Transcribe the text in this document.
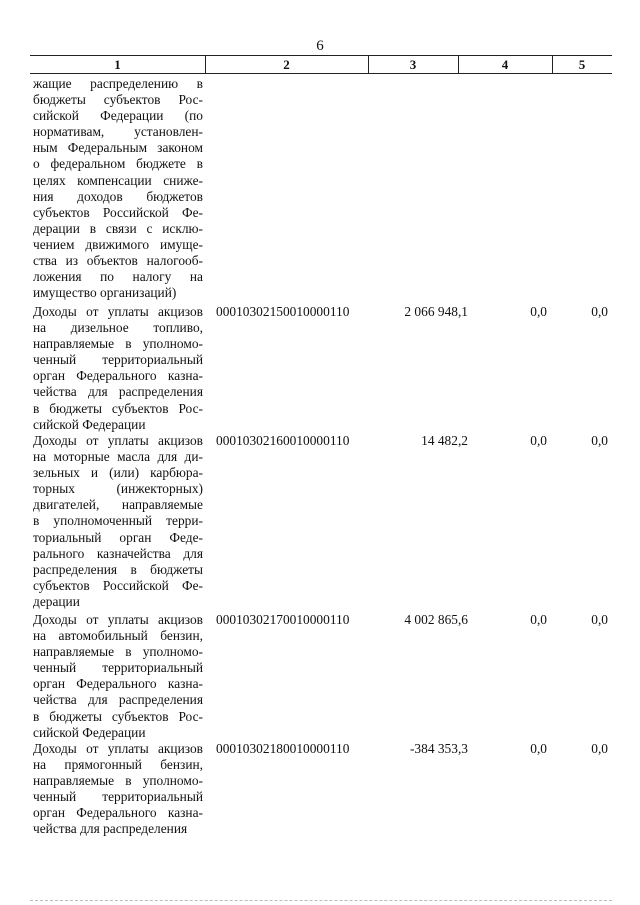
6
1	2	3	4	5
жащие распределению в
бюджеты субъектов Рос-
сийской Федерации (по
нормативам, установлен-
ным Федеральным законом
о федеральном бюджете в
целях компенсации сниже-
ния доходов бюджетов
субъектов Российской Фе-
дерации в связи с исклю-
чением движимого имуще-
ства из объектов налогооб-
ложения по налогу на
имущество организаций)
Доходы от уплаты акцизов
на дизельное топливо,
направляемые в уполномо-
ченный территориальный
орган Федерального казна-
чейства для распределения
в бюджеты субъектов Рос-
сийской Федерации
00010302150010000110	2 066 948,1	0,0	0,0
Доходы от уплаты акцизов
на моторные масла для ди-
зельных и (или) карбюра-
торных (инжекторных)
двигателей, направляемые
в уполномоченный терри-
ториальный орган Феде-
рального казначейства для
распределения в бюджеты
субъектов Российской Фе-
дерации
00010302160010000110	14 482,2	0,0	0,0
Доходы от уплаты акцизов
на автомобильный бензин,
направляемые в уполномо-
ченный территориальный
орган Федерального казна-
чейства для распределения
в бюджеты субъектов Рос-
сийской Федерации
00010302170010000110	4 002 865,6	0,0	0,0
Доходы от уплаты акцизов
на прямогонный бензин,
направляемые в уполномо-
ченный территориальный
орган Федерального казна-
чейства для распределения
00010302180010000110	-384 353,3	0,0	0,0
